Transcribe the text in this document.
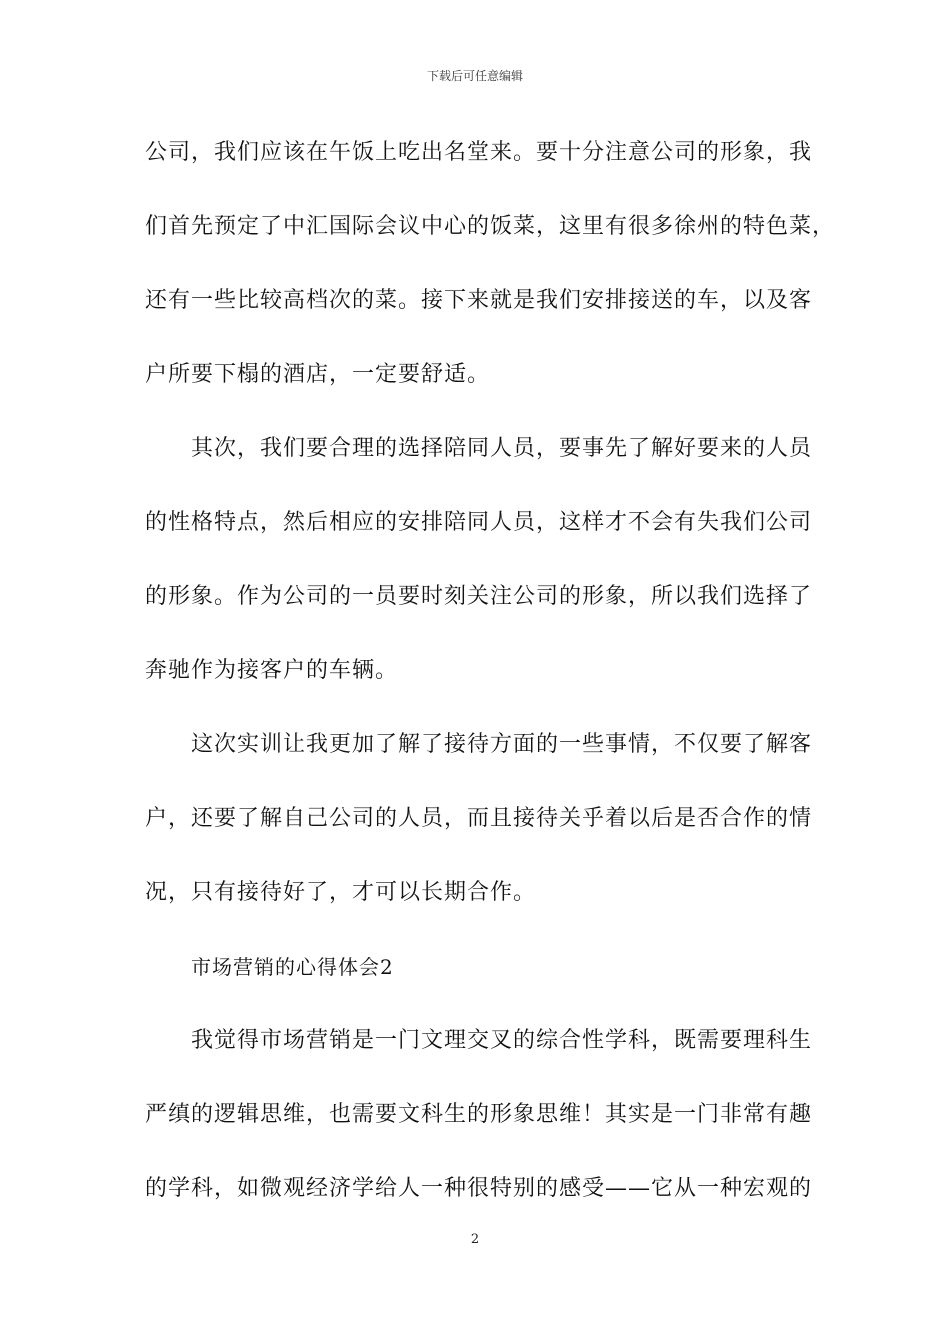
下载后可任意编辑
公司，我们应该在午饭上吃出名堂来。要十分注意公司的形象，我
们首先预定了中汇国际会议中心的饭菜，这里有很多徐州的特色菜，
还有一些比较高档次的菜。接下来就是我们安排接送的车，以及客
户所要下榻的酒店，一定要舒适。
其次，我们要合理的选择陪同人员，要事先了解好要来的人员
的性格特点，然后相应的安排陪同人员，这样才不会有失我们公司
的形象。作为公司的一员要时刻关注公司的形象，所以我们选择了
奔驰作为接客户的车辆。
这次实训让我更加了解了接待方面的一些事情，不仅要了解客
户，还要了解自己公司的人员，而且接待关乎着以后是否合作的情
况，只有接待好了，才可以长期合作。
市场营销的心得体会2
我觉得市场营销是一门文理交叉的综合性学科，既需要理科生
严缜的逻辑思维，也需要文科生的形象思维！其实是一门非常有趣
的学科，如微观经济学给人一种很特别的感受——它从一种宏观的
2
